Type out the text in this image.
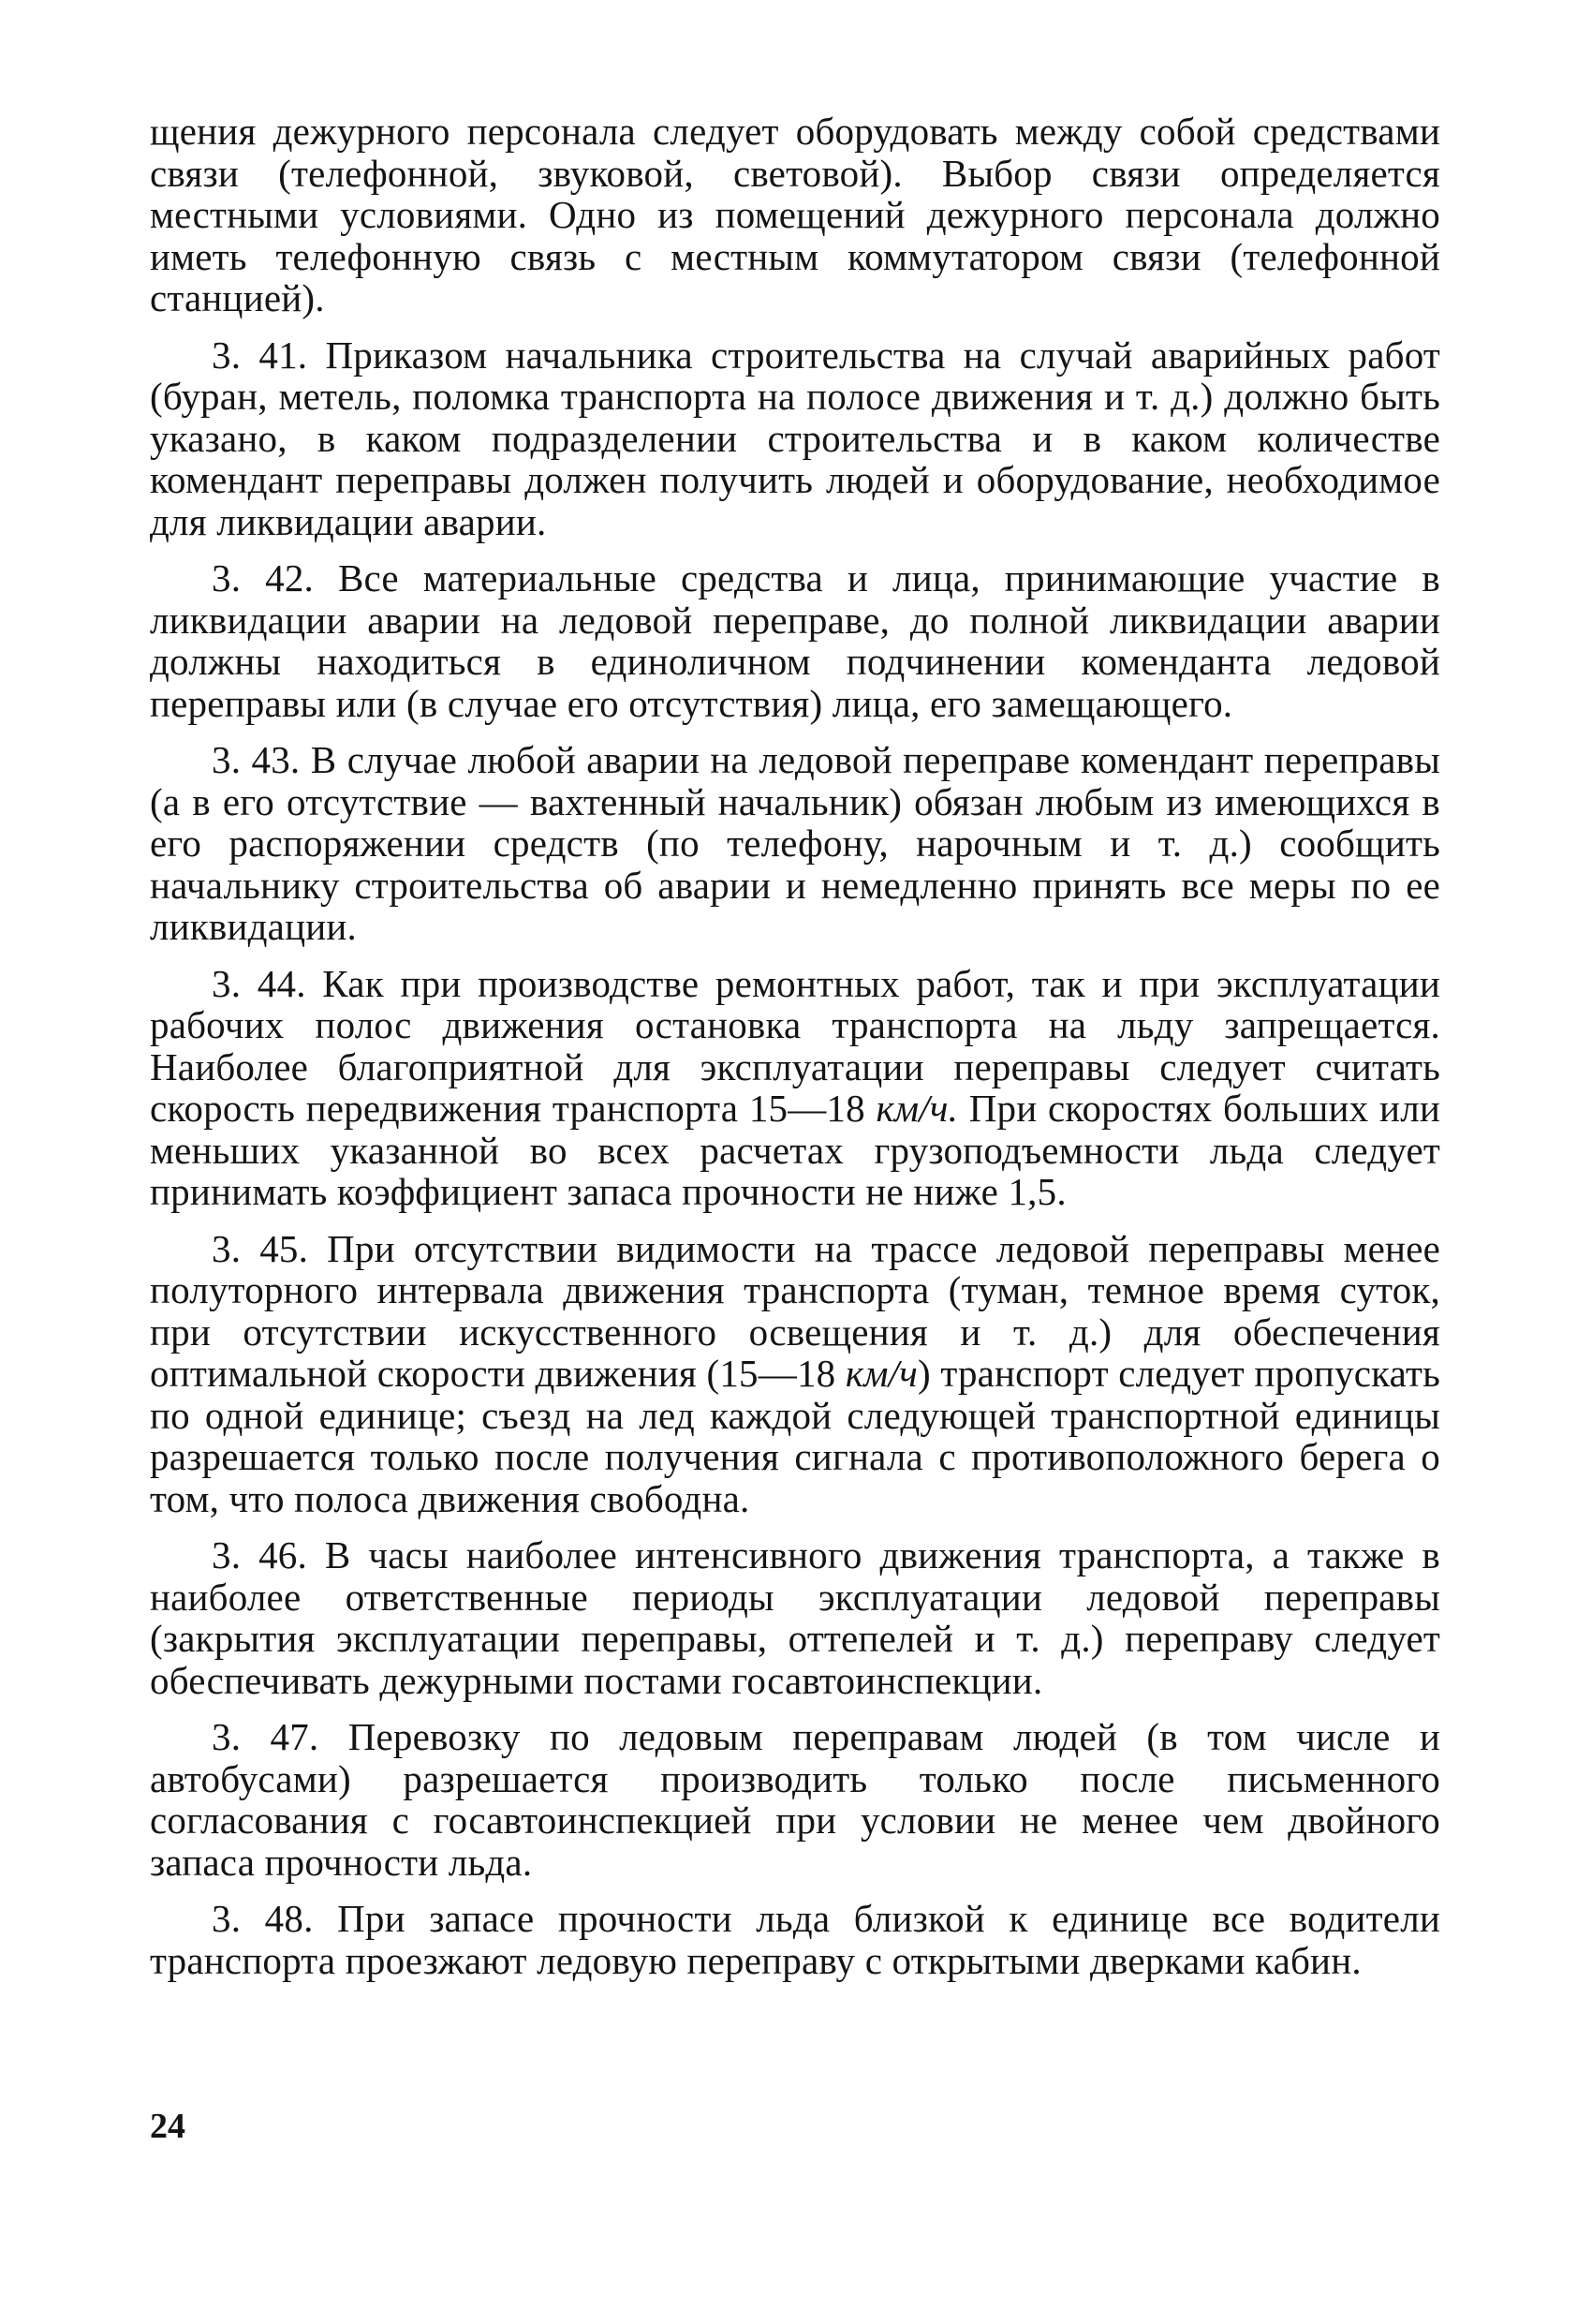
щения дежурного персонала следует оборудовать между собой средствами связи (телефонной, звуковой, световой). Выбор связи определяется местными условиями. Одно из помещений дежурного персонала должно иметь телефонную связь с местным коммутатором связи (телефонной станцией).

3. 41. Приказом начальника строительства на случай аварийных работ (буран, метель, поломка транспорта на полосе движения и т. д.) должно быть указано, в каком подразделении строительства и в каком количестве комендант переправы должен получить людей и оборудование, необходимое для ликвидации аварии.

3. 42. Все материальные средства и лица, принимающие участие в ликвидации аварии на ледовой переправе, до полной ликвидации аварии должны находиться в единоличном подчинении коменданта ледовой переправы или (в случае его отсутствия) лица, его замещающего.

3. 43. В случае любой аварии на ледовой переправе комендант переправы (а в его отсутствие — вахтенный начальник) обязан любым из имеющихся в его распоряжении средств (по телефону, нарочным и т. д.) сообщить начальнику строительства об аварии и немедленно принять все меры по ее ликвидации.

3. 44. Как при производстве ремонтных работ, так и при эксплуатации рабочих полос движения остановка транспорта на льду запрещается. Наиболее благоприятной для эксплуатации переправы следует считать скорость передвижения транспорта 15—18 км/ч. При скоростях больших или меньших указанной во всех расчетах грузоподъемности льда следует принимать коэффициент запаса прочности не ниже 1,5.

3. 45. При отсутствии видимости на трассе ледовой переправы менее полуторного интервала движения транспорта (туман, темное время суток, при отсутствии искусственного освещения и т. д.) для обеспечения оптимальной скорости движения (15—18 км/ч) транспорт следует пропускать по одной единице; съезд на лед каждой следующей транспортной единицы разрешается только после получения сигнала с противоположного берега о том, что полоса движения свободна.

3. 46. В часы наиболее интенсивного движения транспорта, а также в наиболее ответственные периоды эксплуатации ледовой переправы (закрытия эксплуатации переправы, оттепелей и т. д.) переправу следует обеспечивать дежурными постами госавтоинспекции.

3. 47. Перевозку по ледовым переправам людей (в том числе и автобусами) разрешается производить только после письменного согласования с госавтоинспекцией при условии не менее чем двойного запаса прочности льда.

3. 48. При запасе прочности льда близкой к единице все водители транспорта проезжают ледовую переправу с открытыми дверками кабин.

24
